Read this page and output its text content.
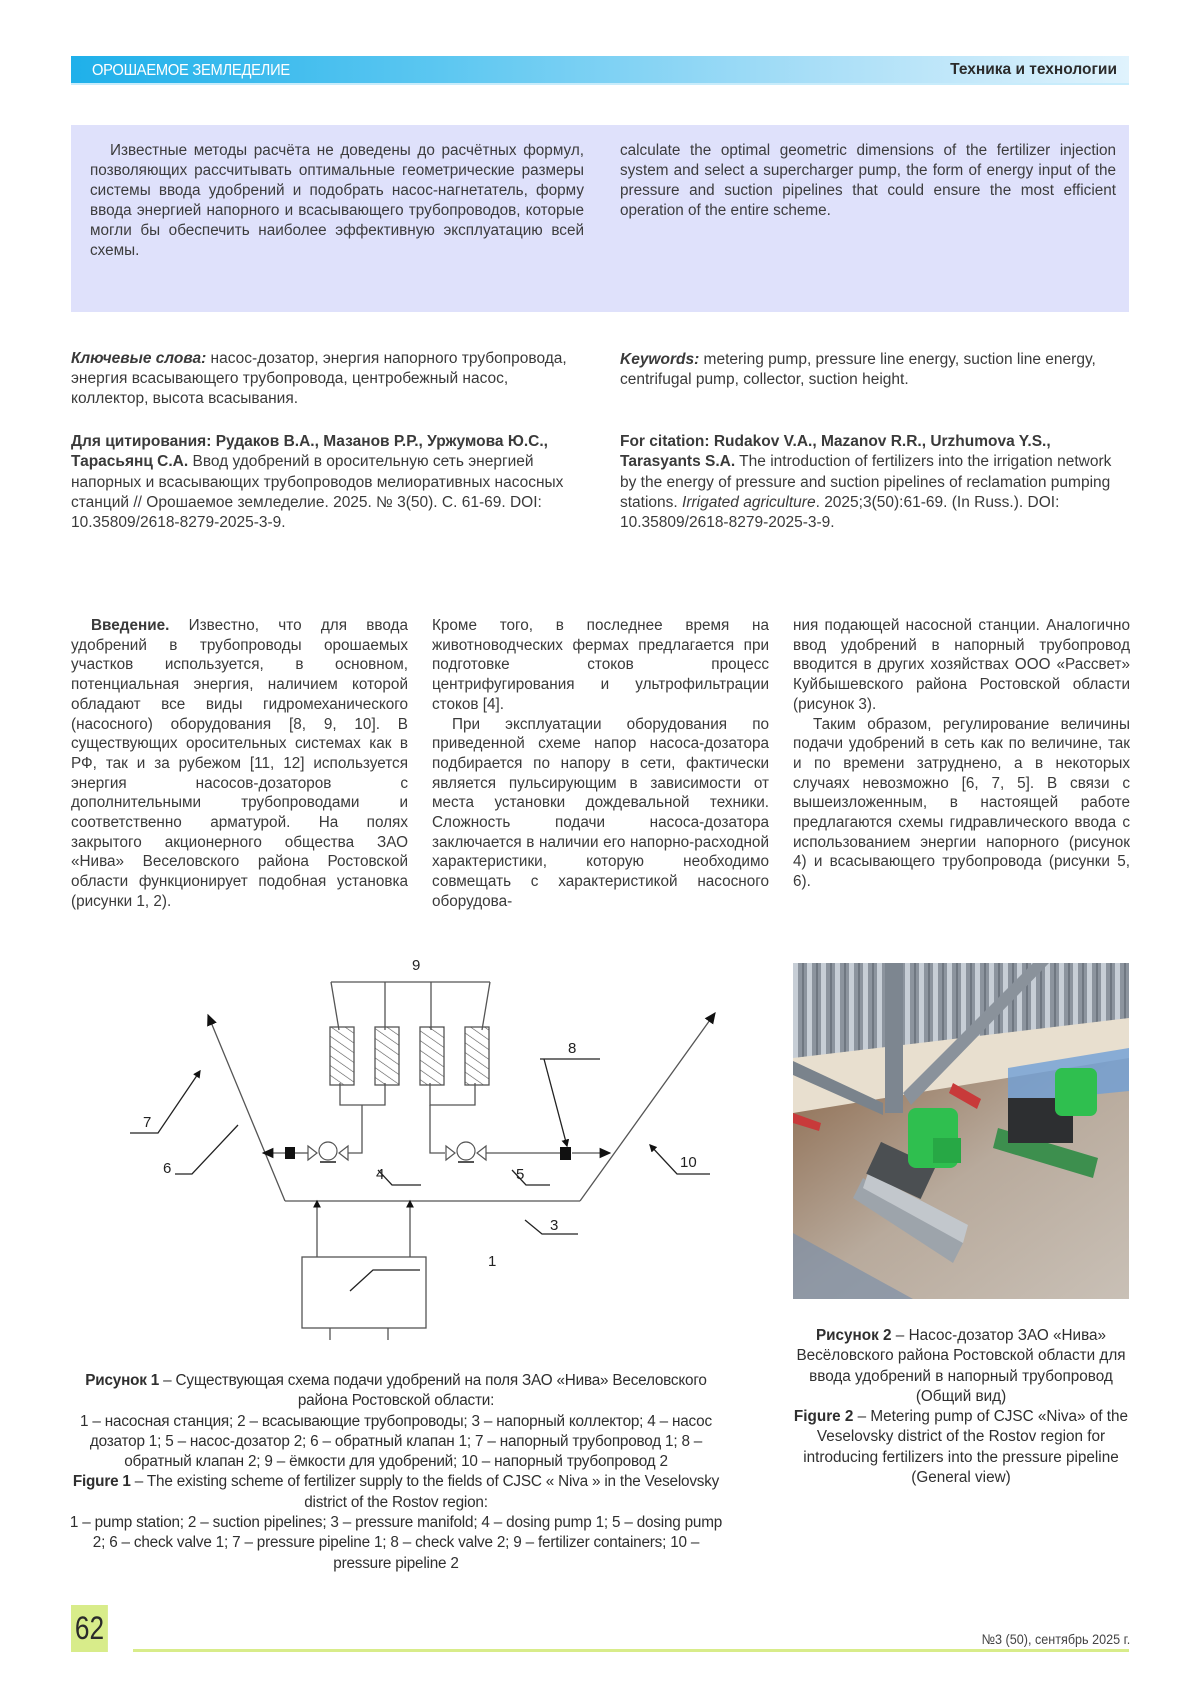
ОРОШАЕМОЕ ЗЕМЛЕДЕЛИЕ	Техника и технологии

Известные методы расчёта не доведены до расчётных формул, позволяющих рассчитывать оптимальные геометрические размеры системы ввода удобрений и подобрать насос-нагнетатель, форму ввода энергией напорного и всасывающего трубопроводов, которые могли бы обеспечить наиболее эффективную эксплуатацию всей схемы.

calculate the optimal geometric dimensions of the fertilizer injection system and select a supercharger pump, the form of energy input of the pressure and suction pipelines that could ensure the most efficient operation of the entire scheme.

Ключевые слова: насос-дозатор, энергия напорного трубопровода, энергия всасывающего трубопровода, центробежный насос, коллектор, высота всасывания.

Keywords: metering pump, pressure line energy, suction line energy, centrifugal pump, collector, suction height.

Для цитирования: Рудаков В.А., Мазанов Р.Р., Уржумова Ю.С., Тарасьянц С.А. Ввод удобрений в оросительную сеть энергией напорных и всасывающих трубопроводов мелиоративных насосных станций // Орошаемое земледелие. 2025. № 3(50). С. 61-69. DOI: 10.35809/2618-8279-2025-3-9.

For citation: Rudakov V.A., Mazanov R.R., Urzhumova Y.S., Tarasyants S.A. The introduction of fertilizers into the irrigation network by the energy of pressure and suction pipelines of reclamation pumping stations. Irrigated agriculture. 2025;3(50):61-69. (In Russ.). DOI: 10.35809/2618-8279-2025-3-9.

Введение. Известно, что для ввода удобрений в трубопроводы орошаемых участков используется, в основном, потенциальная энергия, наличием которой обладают все виды гидромеханического (насосного) оборудования [8, 9, 10]. В существующих оросительных системах как в РФ, так и за рубежом [11, 12] используется энергия насосов-дозаторов с дополнительными трубопроводами и соответственно арматурой. На полях закрытого акционерного общества ЗАО «Нива» Веселовского района Ростовской области функционирует подобная установка (рисунки 1, 2).

Кроме того, в последнее время на животноводческих фермах предлагается при подготовке стоков процесс центрифугирования и ультрофильтрации стоков [4].

При эксплуатации оборудования по приведенной схеме напор насоса-дозатора подбирается по напору в сети, фактически является пульсирующим в зависимости от места установки дождевальной техники. Сложность подачи насоса-дозатора заключается в наличии его напорно-расходной характеристики, которую необходимо совмещать с характеристикой насосного оборудова-

ния подающей насосной станции. Аналогично ввод удобрений в напорный трубопровод вводится в других хозяйствах ООО «Рассвет» Куйбышевского района Ростовской области (рисунок 3).

Таким образом, регулирование величины подачи удобрений в сеть как по величине, так и по времени затруднено, а в некоторых случаях невозможно [6, 7, 5]. В связи с вышеизложенным, в настоящей работе предлагаются схемы гидравлического ввода с использованием энергии напорного (рисунок 4) и всасывающего трубопровода (рисунки 5, 6).

1
3
4	5
6
7
8
9
10

Рисунок 1 – Существующая схема подачи удобрений на поля ЗАО «Нива» Веселовского района Ростовской области:
1 – насосная станция; 2 – всасывающие трубопроводы; 3 – напорный коллектор; 4 – насос дозатор 1; 5 – насос-дозатор 2; 6 – обратный клапан 1; 7 – напорный трубопровод 1; 8 – обратный клапан 2; 9 – ёмкости для удобрений; 10 – напорный трубопровод 2
Figure 1 – The existing scheme of fertilizer supply to the fields of CJSC « Niva » in the Veselovsky district of the Rostov region:
1 – pump station; 2 – suction pipelines; 3 – pressure manifold; 4 – dosing pump 1; 5 – dosing pump 2; 6 – check valve 1; 7 – pressure pipeline 1; 8 – check valve 2; 9 – fertilizer containers; 10 – pressure pipeline 2

Рисунок 2 – Насос-дозатор ЗАО «Нива» Весёловского района Ростовской области для ввода удобрений в напорный трубопровод (Общий вид)
Figure 2 – Metering pump of CJSC «Niva» of the Veselovsky district of the Rostov region for introducing fertilizers into the pressure pipeline (General view)

62	№3 (50), сентябрь 2025 г.
